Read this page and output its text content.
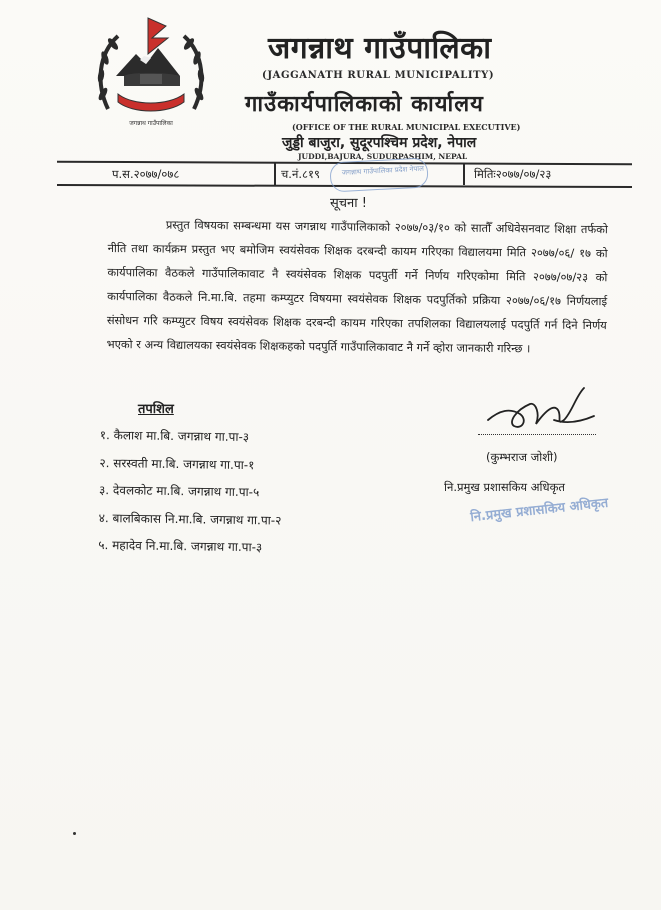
जगन्नाथ गाउँपालिका
जगन्नाथ गाउँपालिका
(JAGGANATH RURAL MUNICIPALITY)
गाउँकार्यपालिकाको कार्यालय
(OFFICE OF THE RURAL MUNICIPAL EXECUTIVE)
जुड्डी बाजुरा, सुदूरपश्चिम प्रदेश, नेपाल
JUDDI,BAJURA, SUDURPASHIM, NEPAL
प.स.२०७७/०७८	च.नं.८१९	मितिः२०७७/०७/२३
जगन्नाथ गाउँपालिका प्रदेश नेपाल
सूचना !

प्रस्तुत विषयका सम्बन्धमा यस जगन्नाथ गाउँपालिकाको २०७७/०३/१० को सातौँ अधिवेसनवाट शिक्षा तर्फको नीति तथा कार्यक्रम प्रस्तुत भए बमोजिम स्वयंसेवक शिक्षक दरबन्दी कायम गरिएका विद्यालयमा मिति २०७७/०६/ १७ को कार्यपालिका वैठकले गाउँपालिकावाट नै स्वयंसेवक शिक्षक पदपुर्ती गर्ने निर्णय गरिएकोमा मिति २०७७/०७/२३ को कार्यपालिका वैठकले नि.मा.बि. तहमा कम्प्युटर विषयमा स्वयंसेवक शिक्षक पदपुर्तिको प्रक्रिया २०७७/०६/१७ निर्णयलाई संसोधन गरि कम्प्युटर विषय स्वयंसेवक शिक्षक दरबन्दी कायम गरिएका तपशिलका विद्यालयलाई पदपुर्ति गर्न दिने निर्णय भएको र अन्य विद्यालयका स्वयंसेवक शिक्षकहको पदपुर्ति गाउँपालिकावाट नै गर्ने व्हाेरा जानकारी गरिन्छ ।

तपशिल
१. कैलाश मा.बि. जगन्नाथ गा.पा-३
२. सरस्वती मा.बि. जगन्नाथ गा.पा-१
३. देवलकोट मा.बि. जगन्नाथ गा.पा-५
४. बालबिकास नि.मा.बि. जगन्नाथ गा.पा-२
५. महादेव नि.मा.बि. जगन्नाथ गा.पा-३
(कुम्भराज जोशी)
नि.प्रमुख प्रशासकिय अधिकृत
नि.प्रमुख प्रशासकिय अधिकृत
